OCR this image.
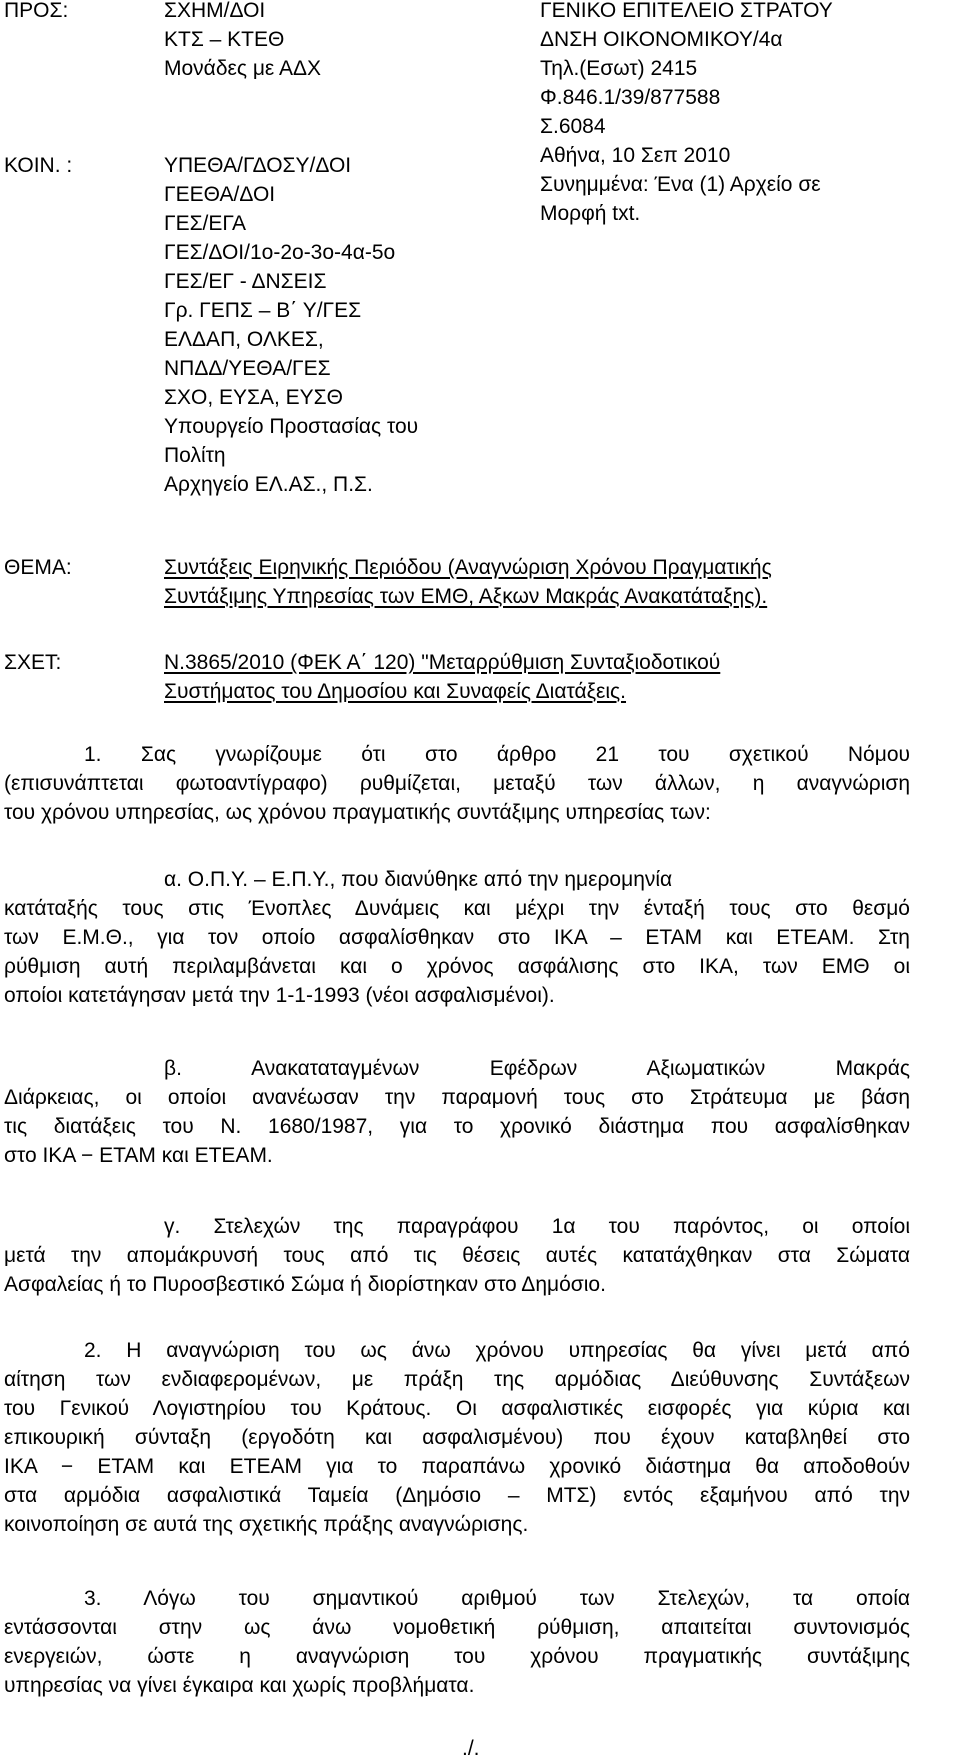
ΠΡΟΣ:	ΣΧΗΜ/ΔΟΙ
ΚΤΣ – ΚΤΕΘ
Μονάδες με ΑΔΧ
ΚΟΙΝ. :	ΥΠΕΘΑ/ΓΔΟΣΥ/ΔΟΙ
ΓΕΕΘΑ/ΔΟΙ
ΓΕΣ/ΕΓΑ
ΓΕΣ/ΔΟΙ/1ο-2ο-3ο-4α-5ο
ΓΕΣ/ΕΓ - ΔΝΣΕΙΣ
Γρ. ΓΕΠΣ – Β΄ Υ/ΓΕΣ
ΕΛΔΑΠ, ΟΛΚΕΣ,
ΝΠΔΔ/ΥΕΘΑ/ΓΕΣ
ΣΧΟ, ΕΥΣΑ, ΕΥΣΘ
Υπουργείο Προστασίας του
Πολίτη
Αρχηγείο ΕΛ.ΑΣ., Π.Σ.
ΓΕΝΙΚΟ ΕΠΙΤΕΛΕΙΟ ΣΤΡΑΤΟΥ
ΔΝΣΗ ΟΙΚΟΝΟΜΙΚΟΥ/4α
Τηλ.(Εσωτ) 2415
Φ.846.1/39/877588
Σ.6084
Αθήνα, 10 Σεπ 2010
Συνημμένα: Ένα (1) Αρχείο σε
Μορφή txt.
ΘΕΜΑ:	Συντάξεις Ειρηνικής Περιόδου (Αναγνώριση Χρόνου Πραγματικής
Συντάξιμης Υπηρεσίας των ΕΜΘ, Αξκων Μακράς Ανακατάταξης).
ΣΧΕΤ:	Ν.3865/2010 (ΦΕΚ Α΄ 120) "Μεταρρύθμιση Συνταξιοδοτικού
Συστήματος του Δημοσίου και Συναφείς Διατάξεις.
1. Σας γνωρίζουμε ότι στο άρθρο 21 του σχετικού Νόμου
(επισυνάπτεται φωτοαντίγραφο) ρυθμίζεται, μεταξύ των άλλων, η αναγνώριση
του χρόνου υπηρεσίας, ως χρόνου πραγματικής συντάξιμης υπηρεσίας των:
α. Ο.Π.Υ. – Ε.Π.Υ., που διανύθηκε από την ημερομηνία
κατάταξής τους στις Ένοπλες Δυνάμεις και μέχρι την ένταξή τους στο θεσμό
των Ε.Μ.Θ., για τον οποίο ασφαλίσθηκαν στο ΙΚΑ – ΕΤΑΜ και ΕΤΕΑΜ. Στη
ρύθμιση αυτή περιλαμβάνεται και ο χρόνος ασφάλισης στο ΙΚΑ, των ΕΜΘ οι
οποίοι κατετάγησαν μετά την 1-1-1993 (νέοι ασφαλισμένοι).
β. Ανακαταταγμένων Εφέδρων Αξιωματικών Μακράς
Διάρκειας, οι οποίοι ανανέωσαν την παραμονή τους στο Στράτευμα με βάση
τις διατάξεις του Ν. 1680/1987, για το χρονικό διάστημα που ασφαλίσθηκαν
στο ΙΚΑ − ΕΤΑΜ και ΕΤΕΑΜ.
γ. Στελεχών της παραγράφου 1α του παρόντος, οι οποίοι
μετά την απομάκρυνσή τους από τις θέσεις αυτές κατατάχθηκαν στα Σώματα
Ασφαλείας ή το Πυροσβεστικό Σώμα ή διορίστηκαν στο Δημόσιο.
2. Η αναγνώριση του ως άνω χρόνου υπηρεσίας θα γίνει μετά από
αίτηση των ενδιαφερομένων, με πράξη της αρμόδιας Διεύθυνσης Συντάξεων
του Γενικού Λογιστηρίου του Κράτους. Οι ασφαλιστικές εισφορές για κύρια και
επικουρική σύνταξη (εργοδότη και ασφαλισμένου) που έχουν καταβληθεί στο
ΙΚΑ − ΕΤΑΜ και ΕΤΕΑΜ για το παραπάνω χρονικό διάστημα θα αποδοθούν
στα αρμόδια ασφαλιστικά Ταμεία (Δημόσιο – ΜΤΣ) εντός εξαμήνου από την
κοινοποίηση σε αυτά της σχετικής πράξης αναγνώρισης.
3. Λόγω του σημαντικού αριθμού των Στελεχών, τα οποία
εντάσσονται στην ως άνω νομοθετική ρύθμιση, απαιτείται συντονισμός
ενεργειών, ώστε η αναγνώριση του χρόνου πραγματικής συντάξιμης
υπηρεσίας να γίνει έγκαιρα και χωρίς προβλήματα.
./.
